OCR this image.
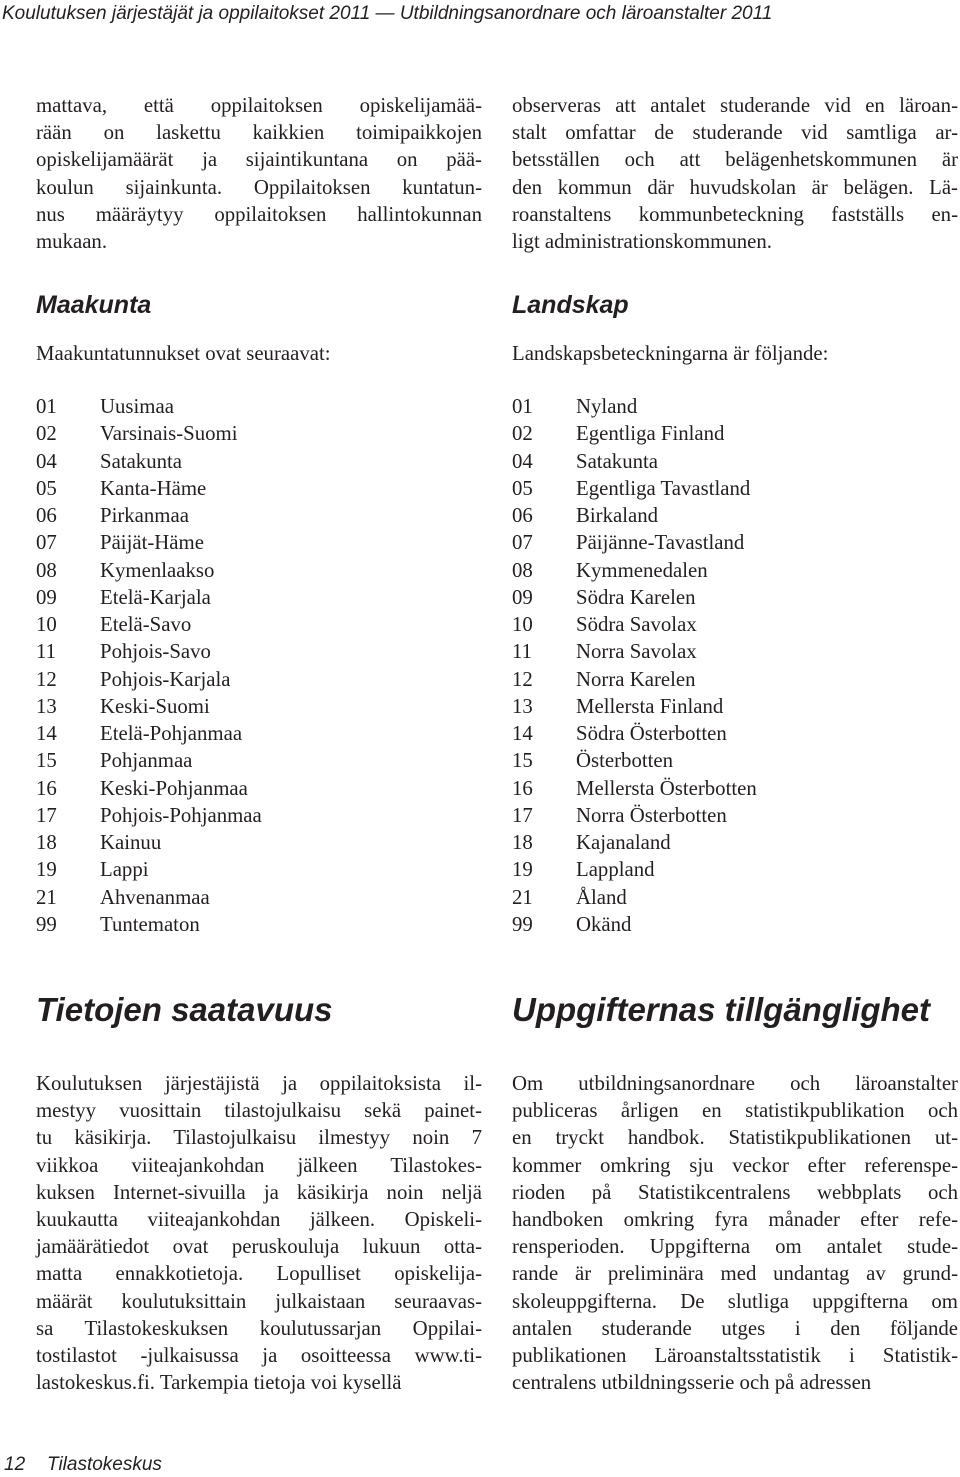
Koulutuksen järjestäjät ja oppilaitokset 2011 — Utbildningsanordnare och läroanstalter 2011
mattava, että oppilaitoksen opiskelijamää-
rään on laskettu kaikkien toimipaikkojen
opiskelijamäärät ja sijaintikuntana on pää-
koulun sijainkunta. Oppilaitoksen kuntatun-
nus määräytyy oppilaitoksen hallintokunnan
mukaan.
Maakunta

Maakuntatunnukset ovat seuraavat:

01 Uusimaa
02 Varsinais-Suomi
04 Satakunta
05 Kanta-Häme
06 Pirkanmaa
07 Päijät-Häme
08 Kymenlaakso
09 Etelä-Karjala
10 Etelä-Savo
11 Pohjois-Savo
12 Pohjois-Karjala
13 Keski-Suomi
14 Etelä-Pohjanmaa
15 Pohjanmaa
16 Keski-Pohjanmaa
17 Pohjois-Pohjanmaa
18 Kainuu
19 Lappi
21 Ahvenanmaa
99 Tuntematon
Tietojen saatavuus
Koulutuksen järjestäjistä ja oppilaitoksista il-
mestyy vuosittain tilastojulkaisu sekä painet-
tu käsikirja. Tilastojulkaisu ilmestyy noin 7
viikkoa viiteajankohdan jälkeen Tilastokes-
kuksen Internet-sivuilla ja käsikirja noin neljä
kuukautta viiteajankohdan jälkeen. Opiskeli-
jamäärätiedot ovat peruskouluja lukuun otta-
matta ennakkotietoja. Lopulliset opiskelija-
määrät koulutuksittain julkaistaan seuraavas-
sa Tilastokeskuksen koulutussarjan Oppilai-
tostilastot -julkaisussa ja osoitteessa www.ti-
lastokeskus.fi. Tarkempia tietoja voi kysellä
observeras att antalet studerande vid en läroan-
stalt omfattar de studerande vid samtliga ar-
betsställen och att belägenhetskommunen är
den kommun där huvudskolan är belägen. Lä-
roanstaltens kommunbeteckning fastställs en-
ligt administrationskommunen.
Landskap

Landskapsbeteckningarna är följande:

01 Nyland
02 Egentliga Finland
04 Satakunta
05 Egentliga Tavastland
06 Birkaland
07 Päijänne-Tavastland
08 Kymmenedalen
09 Södra Karelen
10 Södra Savolax
11 Norra Savolax
12 Norra Karelen
13 Mellersta Finland
14 Södra Österbotten
15 Österbotten
16 Mellersta Österbotten
17 Norra Österbotten
18 Kajanaland
19 Lappland
21 Åland
99 Okänd
Uppgifternas tillgänglighet
Om utbildningsanordnare och läroanstalter
publiceras årligen en statistikpublikation och
en tryckt handbok. Statistikpublikationen ut-
kommer omkring sju veckor efter referenspe-
rioden på Statistikcentralens webbplats och
handboken omkring fyra månader efter refe-
rensperioden. Uppgifterna om antalet stude-
rande är preliminära med undantag av grund-
skoleuppgifterna. De slutliga uppgifterna om
antalen studerande utges i den följande
publikationen Läroanstaltsstatistik i Statistik-
centralens utbildningsserie och på adressen
12 Tilastokeskus
